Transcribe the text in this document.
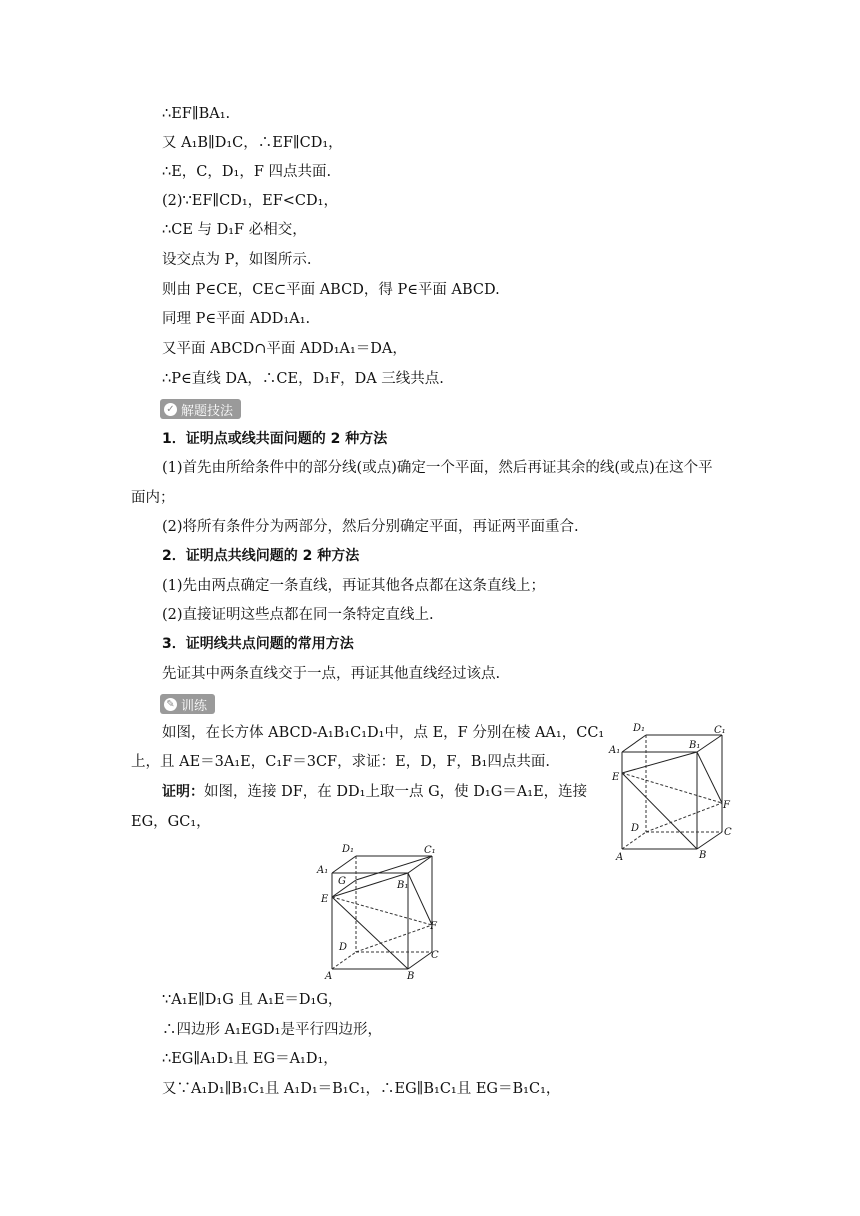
∴EF∥BA₁.
又 A₁B∥D₁C，∴EF∥CD₁，
∴E，C，D₁，F 四点共面.
(2)∵EF∥CD₁，EF<CD₁，
∴CE 与 D₁F 必相交，
设交点为 P，如图所示.
则由 P∈CE，CE⊂平面 ABCD，得 P∈平面 ABCD.
同理 P∈平面 ADD₁A₁.
又平面 ABCD∩平面 ADD₁A₁＝DA，
∴P∈直线 DA，∴CE，D₁F，DA 三线共点.
✓ 解题技法
1．证明点或线共面问题的 2 种方法
(1)首先由所给条件中的部分线(或点)确定一个平面，然后再证其余的线(或点)在这个平
面内；
(2)将所有条件分为两部分，然后分别确定平面，再证两平面重合.
2．证明点共线问题的 2 种方法
(1)先由两点确定一条直线，再证其他各点都在这条直线上；
(2)直接证明这些点都在同一条特定直线上.
3．证明线共点问题的常用方法
先证其中两条直线交于一点，再证其他直线经过该点.
✎ 训练
如图，在长方体 ABCD-A₁B₁C₁D₁中，点 E，F 分别在棱 AA₁，CC₁
上，且 AE＝3A₁E，C₁F＝3CF，求证：E，D，F，B₁四点共面.
证明：如图，连接 DF，在 DD₁上取一点 G，使 D₁G＝A₁E，连接
EG，GC₁，
D₁	C₁
A₁	B₁
E
F
D	C
A	B
D₁	C₁
A₁
G	B₁
E
F
D
C
A	B
∵A₁E∥D₁G 且 A₁E＝D₁G，
∴四边形 A₁EGD₁是平行四边形，
∴EG∥A₁D₁且 EG＝A₁D₁，
又∵A₁D₁∥B₁C₁且 A₁D₁＝B₁C₁，∴EG∥B₁C₁且 EG＝B₁C₁，
